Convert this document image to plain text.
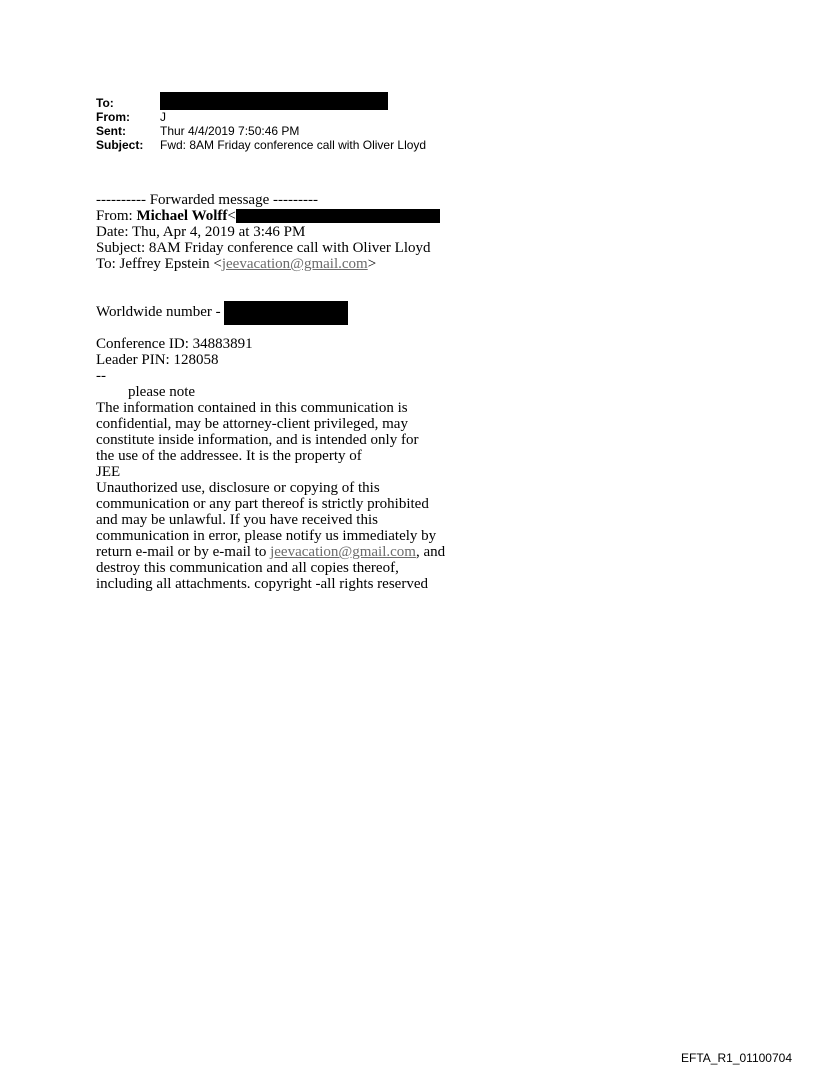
To:
From:	J
Sent:	Thur 4/4/2019 7:50:46 PM
Subject: Fwd: 8AM Friday conference call with Oliver Lloyd
---------- Forwarded message ---------
From: Michael Wolff<
Date: Thu, Apr 4, 2019 at 3:46 PM
Subject: 8AM Friday conference call with Oliver Lloyd
To: Jeffrey Epstein <jeevacation@gmail.com>
Worldwide number -
Conference ID: 34883891
Leader PIN: 128058
--
please note
The information contained in this communication is
confidential, may be attorney-client privileged, may
constitute inside information, and is intended only for
the use of the addressee. It is the property of
JEE
Unauthorized use, disclosure or copying of this
communication or any part thereof is strictly prohibited
and may be unlawful. If you have received this
communication in error, please notify us immediately by
return e-mail or by e-mail to jeevacation@gmail.com, and
destroy this communication and all copies thereof,
including all attachments. copyright -all rights reserved
EFTA_R1_01100704
